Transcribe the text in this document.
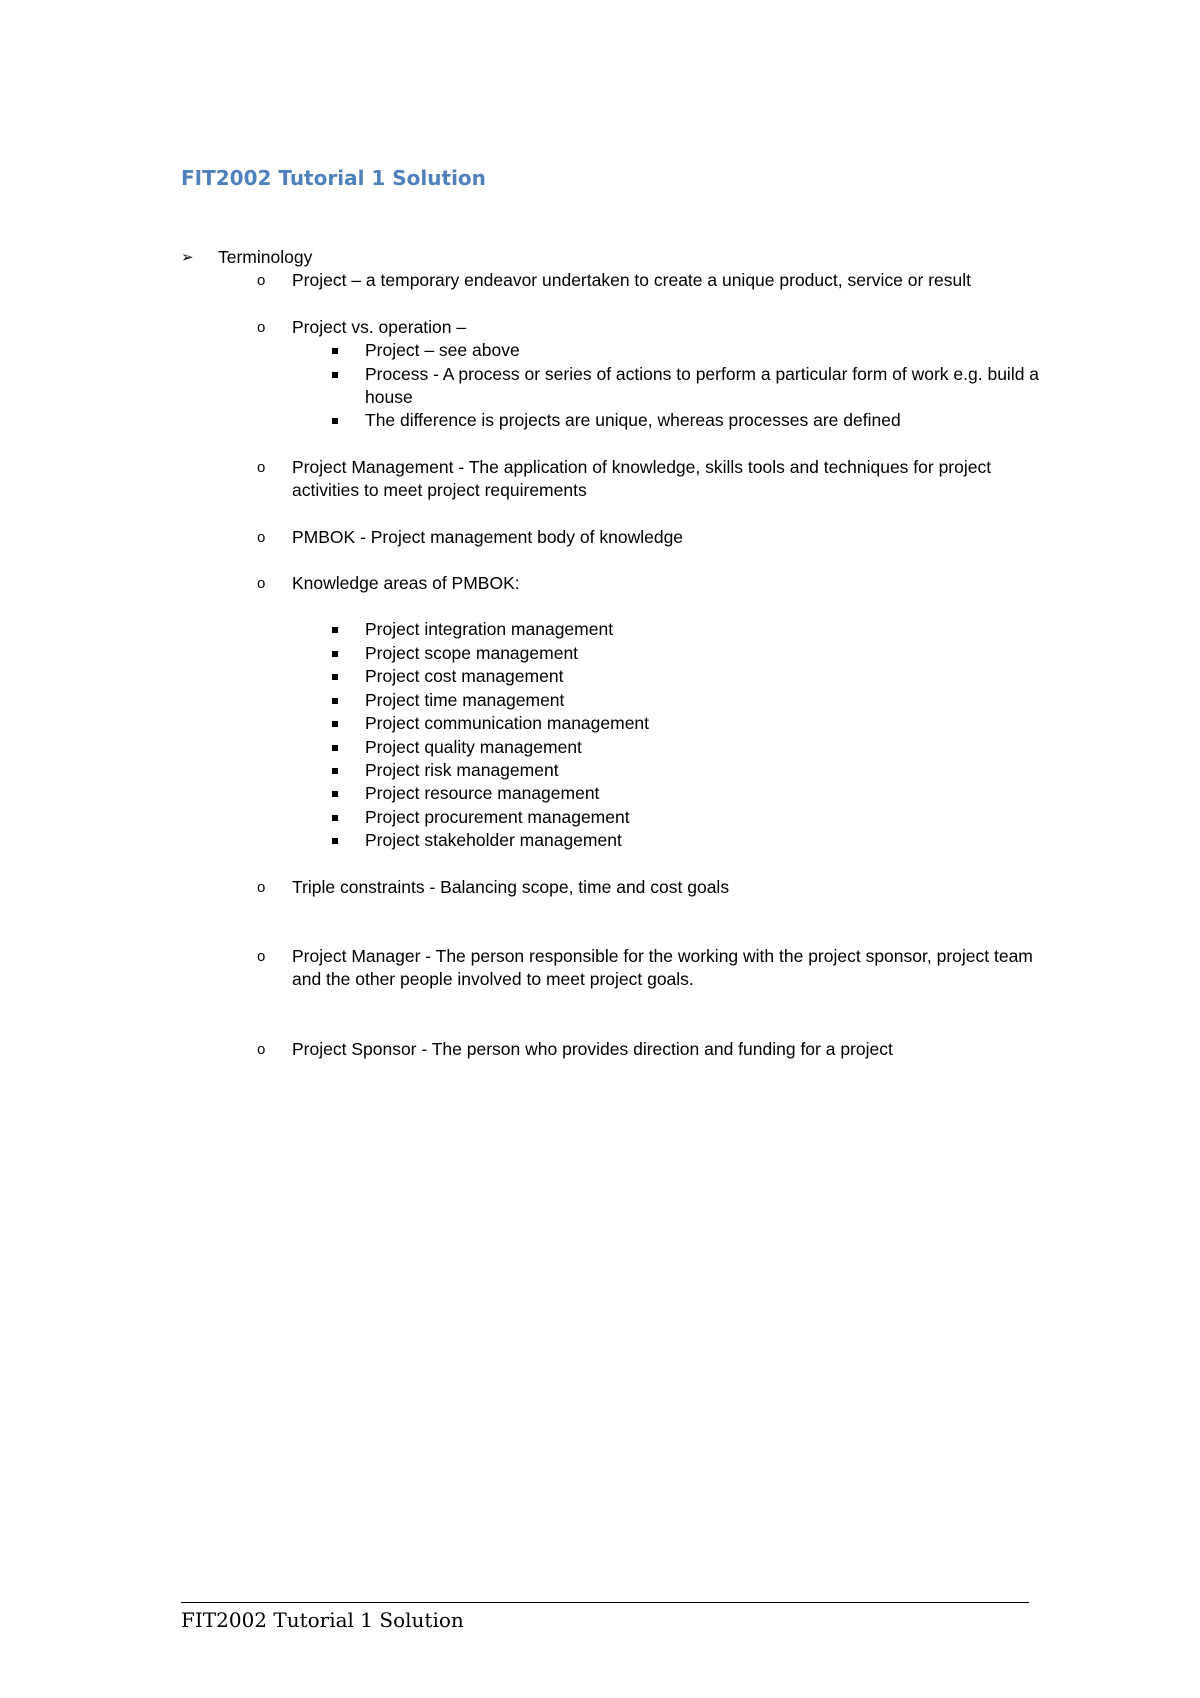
FIT2002 Tutorial 1 Solution
➢ Terminology
o Project – a temporary endeavor undertaken to create a unique product, service or result
o Project vs. operation –
Project – see above
Process - A process or series of actions to perform a particular form of work e.g. build a house
The difference is projects are unique, whereas processes are defined
o Project Management - The application of knowledge, skills tools and techniques for project activities to meet project requirements
o PMBOK - Project management body of knowledge
o Knowledge areas of PMBOK:
Project integration management
Project scope management
Project cost management
Project time management
Project communication management
Project quality management
Project risk management
Project resource management
Project procurement management
Project stakeholder management
o Triple constraints - Balancing scope, time and cost goals
o Project Manager - The person responsible for the working with the project sponsor, project team and the other people involved to meet project goals.
o Project Sponsor - The person who provides direction and funding for a project
FIT2002 Tutorial 1 Solution
